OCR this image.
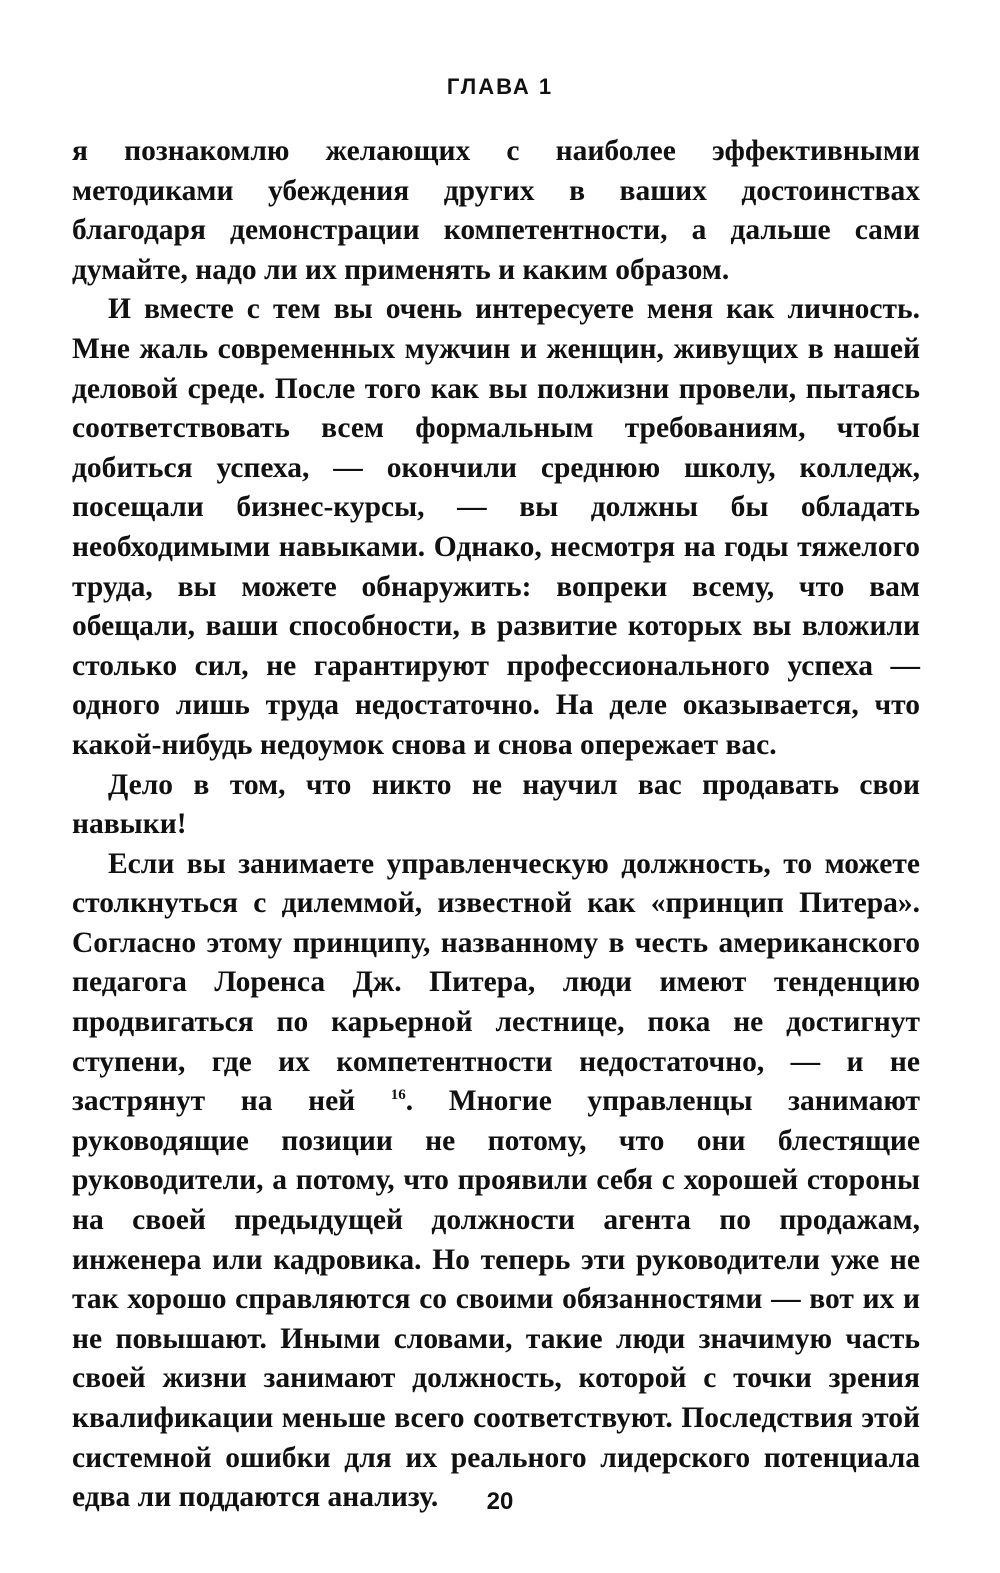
ГЛАВА 1

я познакомлю желающих с наиболее эффективными методиками убеждения других в ваших достоинствах благодаря демонстрации компетентности, а дальше сами думайте, надо ли их применять и каким образом.

И вместе с тем вы очень интересуете меня как личность. Мне жаль современных мужчин и женщин, живущих в нашей деловой среде. После того как вы полжизни провели, пытаясь соответствовать всем формальным требованиям, чтобы добиться успеха, — окончили среднюю школу, колледж, посещали бизнес-курсы, — вы должны бы обладать необходимыми навыками. Однако, несмотря на годы тяжелого труда, вы можете обнаружить: вопреки всему, что вам обещали, ваши способности, в развитие которых вы вложили столько сил, не гарантируют профессионального успеха — одного лишь труда недостаточно. На деле оказывается, что какой-нибудь недоумок снова и снова опережает вас.

Дело в том, что никто не научил вас продавать свои навыки!

Если вы занимаете управленческую должность, то можете столкнуться с дилеммой, известной как «принцип Питера». Согласно этому принципу, названному в честь американского педагога Лоренса Дж. Питера, люди имеют тенденцию продвигаться по карьерной лестнице, пока не достигнут ступени, где их компетентности недостаточно, — и не застрянут на ней $^{16}$. Многие управленцы занимают руководящие позиции не потому, что они блестящие руководители, а потому, что проявили себя с хорошей стороны на своей предыдущей должности агента по продажам, инженера или кадровика. Но теперь эти руководители уже не так хорошо справляются со своими обязанностями — вот их и не повышают. Иными словами, такие люди значимую часть своей жизни занимают должность, которой с точки зрения квалификации меньше всего соответствуют. Последствия этой системной ошибки для их реального лидерского потенциала едва ли поддаются анализу.	20
